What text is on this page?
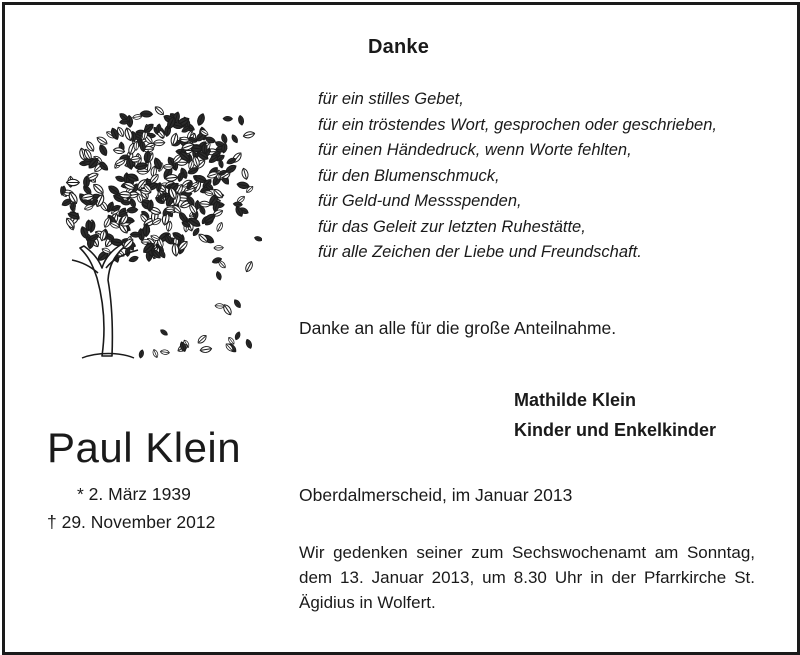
Danke
für ein stilles Gebet,
für ein tröstendes Wort, gesprochen oder geschrieben,
für einen Händedruck, wenn Worte fehlten,
für den Blumenschmuck,
für Geld-und Messspenden,
für das Geleit zur letzten Ruhestätte,
für alle Zeichen der Liebe und Freundschaft.
Danke an alle für die große Anteilnahme.
Mathilde Klein
Kinder und Enkelkinder
Paul Klein
* 2. März 1939
† 29. November 2012
Oberdalmerscheid, im Januar 2013
Wir gedenken seiner zum Sechswochenamt am Sonntag, dem 13. Januar 2013, um 8.30 Uhr in der Pfarrkirche St. Ägidius in Wolfert.
